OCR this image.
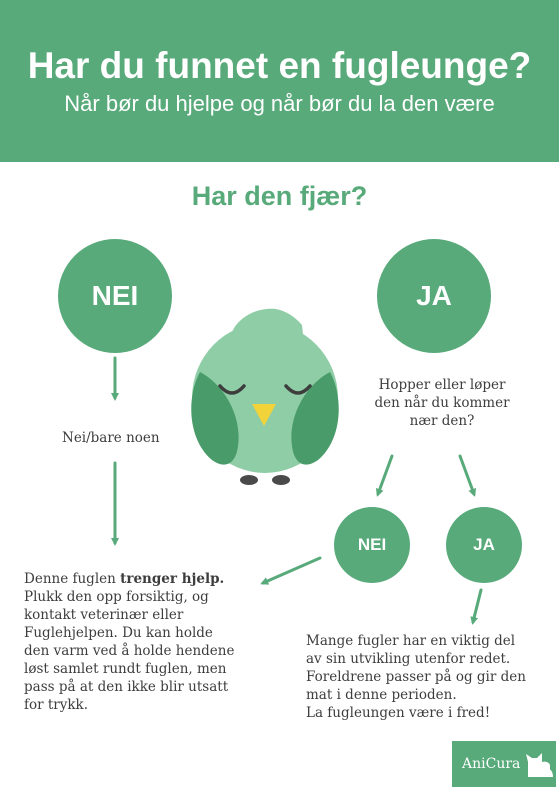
Har du funnet en fugleunge?
Når bør du hjelpe og når bør du la den være
Har den fjær?
NEI	JA
Nei/bare noen
Hopper eller løper
den når du kommer
nær den?
NEI	JA
Denne fuglen trenger hjelp.
Plukk den opp forsiktig, og
kontakt veterinær eller
Fuglehjelpen. Du kan holde
den varm ved å holde hendene
løst samlet rundt fuglen, men
pass på at den ikke blir utsatt
for trykk.
Mange fugler har en viktig del
av sin utvikling utenfor redet.
Foreldrene passer på og gir den
mat i denne perioden.
La fugleungen være i fred!
AniCura
